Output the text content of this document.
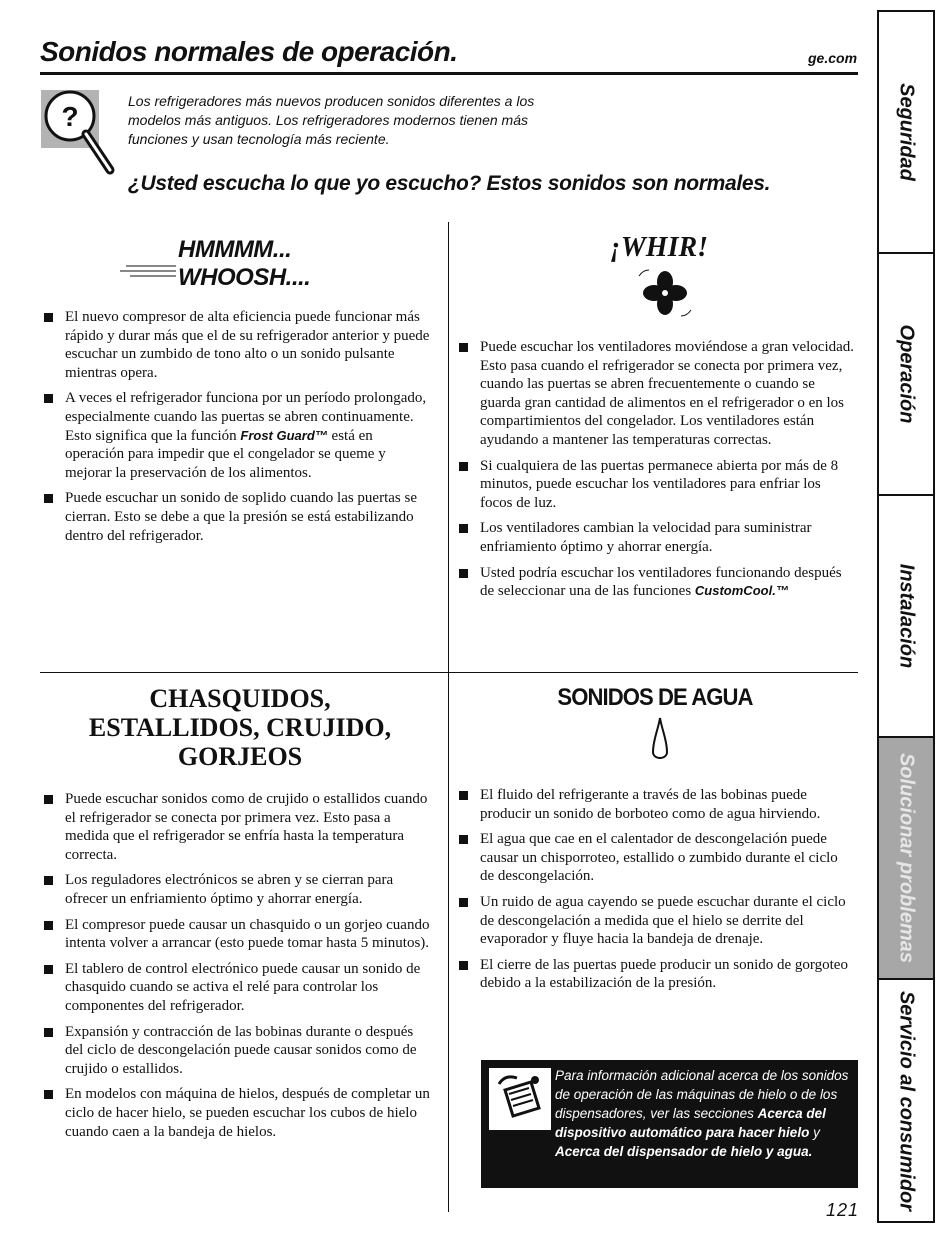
Sonidos normales de operación.	ge.com
?	Los refrigeradores más nuevos producen sonidos diferentes a los modelos más antiguos. Los refrigeradores modernos tienen más funciones y usan tecnología más reciente.
¿Usted escucha lo que yo escucho? Estos sonidos son normales.
HMMMM...
WHOOSH....
El nuevo compresor de alta eficiencia puede funcionar más rápido y durar más que el de su refrigerador anterior y puede escuchar un zumbido de tono alto o un sonido pulsante mientras opera.
A veces el refrigerador funciona por un período prolongado, especialmente cuando las puertas se abren continuamente. Esto significa que la función Frost Guard™ está en operación para impedir que el congelador se queme y mejorar la preservación de los alimentos.
Puede escuchar un sonido de soplido cuando las puertas se cierran. Esto se debe a que la presión se está estabilizando dentro del refrigerador.
¡WHIR!
Puede escuchar los ventiladores moviéndose a gran velocidad. Esto pasa cuando el refrigerador se conecta por primera vez, cuando las puertas se abren frecuentemente o cuando se guarda gran cantidad de alimentos en el refrigerador o en los compartimientos del congelador. Los ventiladores están ayudando a mantener las temperaturas correctas.
Si cualquiera de las puertas permanece abierta por más de 8 minutos, puede escuchar los ventiladores para enfriar los focos de luz.
Los ventiladores cambian la velocidad para suministrar enfriamiento óptimo y ahorrar energía.
Usted podría escuchar los ventiladores funcionando después de seleccionar una de las funciones CustomCool.™
CHASQUIDOS,
ESTALLIDOS, CRUJIDO,
GORJEOS
Puede escuchar sonidos como de crujido o estallidos cuando el refrigerador se conecta por primera vez. Esto pasa a medida que el refrigerador se enfría hasta la temperatura correcta.
Los reguladores electrónicos se abren y se cierran para ofrecer un enfriamiento óptimo y ahorrar energía.
El compresor puede causar un chasquido o un gorjeo cuando intenta volver a arrancar (esto puede tomar hasta 5 minutos).
El tablero de control electrónico puede causar un sonido de chasquido cuando se activa el relé para controlar los componentes del refrigerador.
Expansión y contracción de las bobinas durante o después del ciclo de descongelación puede causar sonidos como de crujido o estallidos.
En modelos con máquina de hielos, después de completar un ciclo de hacer hielo, se pueden escuchar los cubos de hielo cuando caen a la bandeja de hielos.
SONIDOS DE AGUA
El fluido del refrigerante a través de las bobinas puede producir un sonido de borboteo como de agua hirviendo.
El agua que cae en el calentador de descongelación puede causar un chisporroteo, estallido o zumbido durante el ciclo de descongelación.
Un ruido de agua cayendo se puede escuchar durante el ciclo de descongelación a medida que el hielo se derrite del evaporador y fluye hacia la bandeja de drenaje.
El cierre de las puertas puede producir un sonido de gorgoteo debido a la estabilización de la presión.
Para información adicional acerca de los sonidos de operación de las máquinas de hielo o de los dispensadores, ver las secciones Acerca del dispositivo automático para hacer hielo y Acerca del dispensador de hielo y agua.
121
Seguridad
Operación
Instalación
Solucionar problemas
Servicio al consumidor
